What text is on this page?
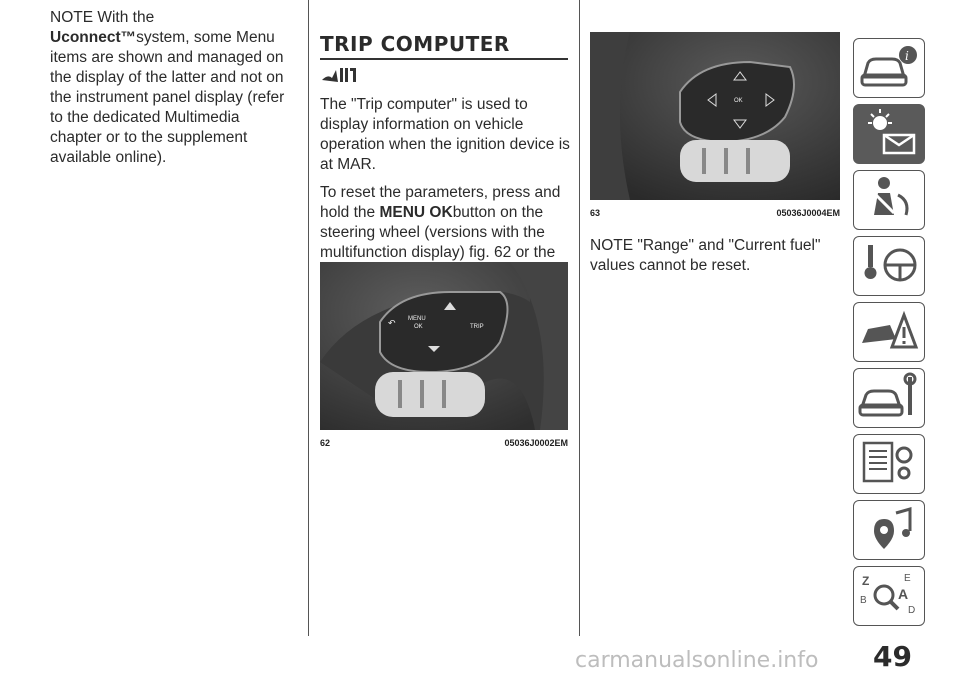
NOTE With the Uconnect™system, some Menu items are shown and managed on the display of the latter and not on the instrument panel display (refer to the dedicated Multimedia chapter or to the supplement available online).

TRIP COMPUTER

The "Trip computer" is used to display information on vehicle operation when the ignition device is at MAR.

To reset the parameters, press and hold the MENU OKbutton on the steering wheel (versions with the multifunction display) fig. 62 or the

MENU
OK	TRIP
↶
62	05036J0002EM
OK
63	05036J0004EM

NOTE "Range" and "Current fuel" values cannot be reset.

i
Z	E
B A
D
49
carmanualsonline.info
